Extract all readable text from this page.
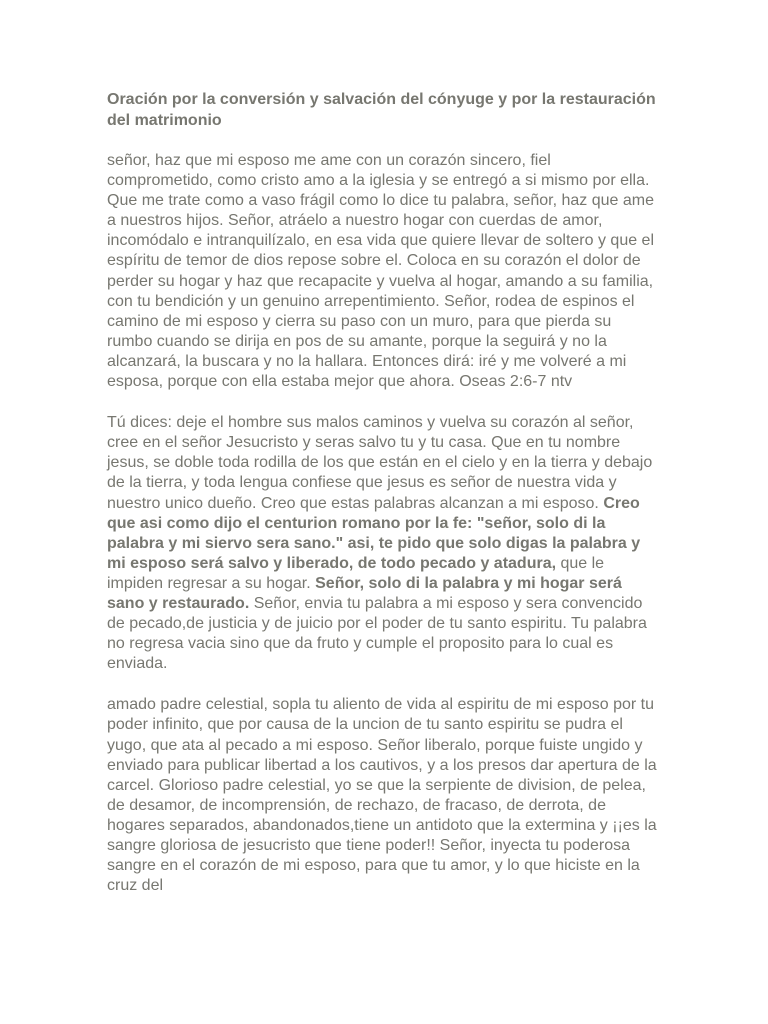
Oración por la conversión y salvación del cónyuge y por la restauración del matrimonio
señor, haz que mi esposo me ame con un corazón sincero, fiel comprometido, como cristo amo a la iglesia y se entregó a si mismo por ella. Que me trate como a vaso frágil como lo dice tu palabra, señor, haz que ame a nuestros hijos. Señor, atráelo a nuestro hogar con cuerdas de amor, incomódalo e intranquilízalo, en esa vida que quiere llevar de soltero y que el espíritu de temor de dios repose sobre el. Coloca en su corazón el dolor de perder su hogar y haz que recapacite y vuelva al hogar, amando a su familia, con tu bendición y un genuino arrepentimiento. Señor, rodea de espinos el camino de mi esposo y cierra su paso con un muro, para que pierda su rumbo cuando se dirija en pos de su amante, porque la seguirá y no la alcanzará, la buscara y no la hallara. Entonces dirá: iré y me volveré a mi esposa, porque con ella estaba mejor que ahora. Oseas 2:6-7 ntv
Tú dices: deje el hombre sus malos caminos y vuelva su corazón al señor, cree en el señor Jesucristo y seras salvo tu y tu casa. Que en tu nombre jesus, se doble toda rodilla de los que están en el cielo y en la tierra y debajo de la tierra, y toda lengua confiese que jesus es señor de nuestra vida y nuestro unico dueño. Creo que estas palabras alcanzan a mi esposo. Creo que asi como dijo el centurion romano por la fe: "señor, solo di la palabra y mi siervo sera sano." asi, te pido que solo digas la palabra y mi esposo será salvo y liberado, de todo pecado y atadura, que le impiden regresar a su hogar. Señor, solo di la palabra y mi hogar será sano y restaurado. Señor, envia tu palabra a mi esposo y sera convencido de pecado,de justicia y de juicio por el poder de tu santo espiritu. Tu palabra no regresa vacia sino que da fruto y cumple el proposito para lo cual es enviada.
amado padre celestial, sopla tu aliento de vida al espiritu de mi esposo por tu poder infinito, que por causa de la uncion de tu santo espiritu se pudra el yugo, que ata al pecado a mi esposo. Señor liberalo, porque fuiste ungido y enviado para publicar libertad a los cautivos, y a los presos dar apertura de la carcel. Glorioso padre celestial, yo se que la serpiente de division, de pelea, de desamor, de incomprensión, de rechazo, de fracaso, de derrota, de hogares separados, abandonados,tiene un antidoto que la extermina y ¡¡es la sangre gloriosa de jesucristo que tiene poder!! Señor, inyecta tu poderosa sangre en el corazón de mi esposo, para que tu amor, y lo que hiciste en la cruz del
